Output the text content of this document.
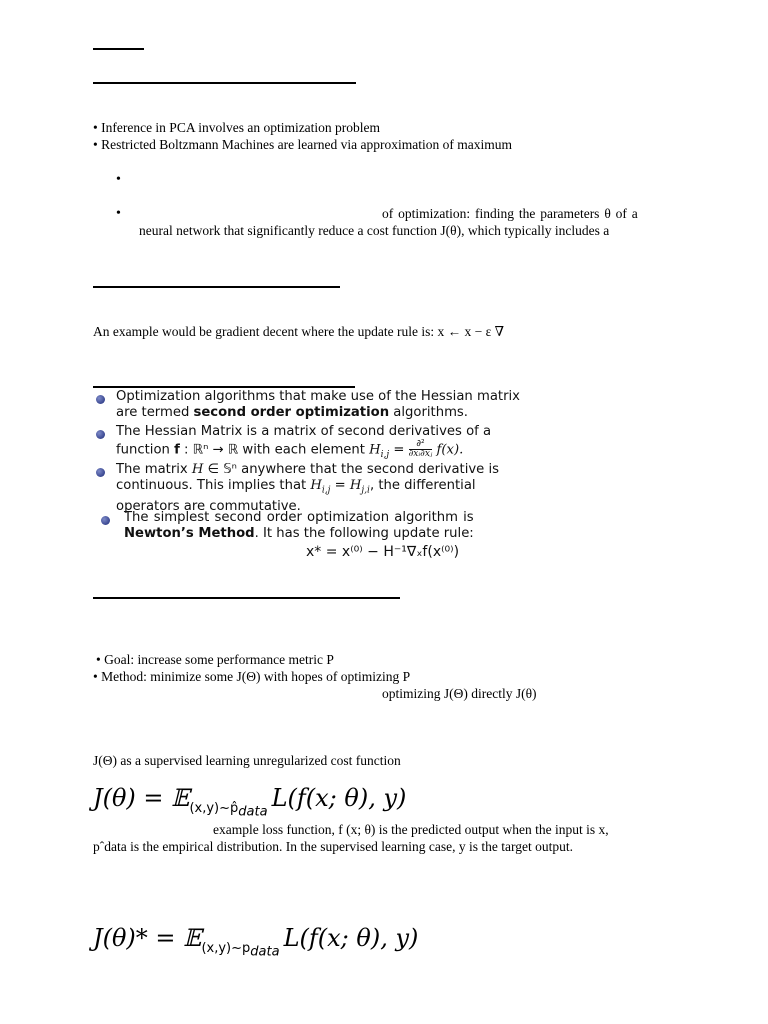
• Inference in PCA involves an optimization problem
• Restricted Boltzmann Machines are learned via approximation of maximum
•
•	of optimization: finding the parameters θ of a
neural network that significantly reduce a cost function J(θ), which typically includes a
An example would be gradient decent where the update rule is: x ← x − ε ∇
Optimization algorithms that make use of the Hessian matrix
are termed second order optimization algorithms.
The Hessian Matrix is a matrix of second derivatives of a
function f : ℝⁿ → ℝ with each element $H_{i,j} = \frac{\text{∂²}}{\text{∂xᵢ∂xⱼ}} f(x)$.
The matrix H ∈ 𝕊ⁿ anywhere that the second derivative is
continuous. This implies that $H_{i,j} = H_{j,i}$, the differential
operators are commutative.
The simplest second order optimization algorithm is
Newton’s Method. It has the following update rule:
x* = x⁽⁰⁾ − H⁻¹∇ₓf(x⁽⁰⁾)
• Goal: increase some performance metric P
• Method: minimize some J(Θ) with hopes of optimizing P
optimizing J(Θ) directly J(θ)
J(Θ) as a supervised learning unregularized cost function
J(θ) = 𝔼$_{(x,y)\sim p̂_{data}}$ L(f(x; θ), y)
example loss function, f (x; θ) is the predicted output when the input is x,
pˆdata is the empirical distribution. In the supervised learning case, y is the target output.
J(θ)* = 𝔼$_{(x,y)\sim p_{data}}$ L(f(x; θ), y)
